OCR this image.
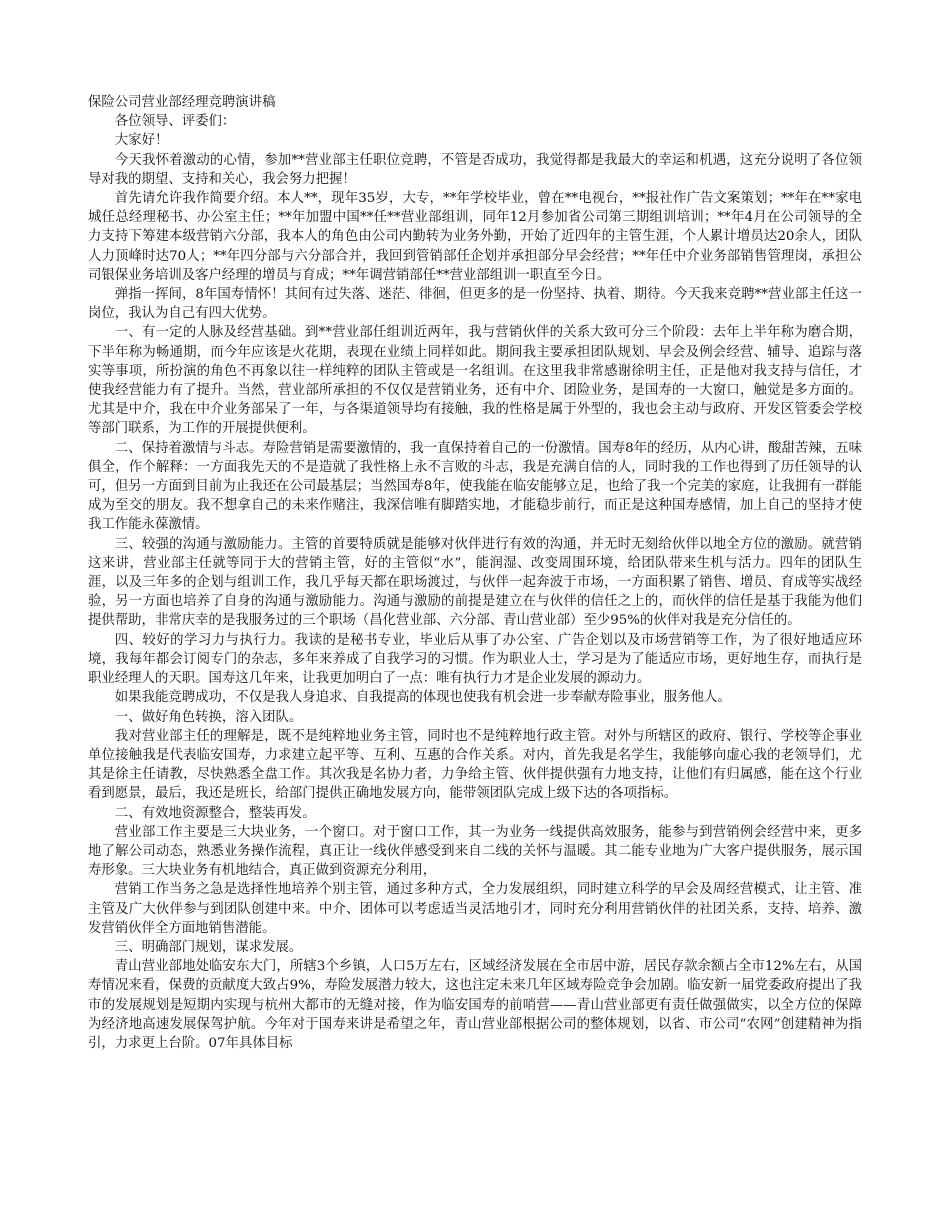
保险公司营业部经理竞聘演讲稿

各位领导、评委们：

大家好！

今天我怀着激动的心情，参加**营业部主任职位竞聘，不管是否成功，我觉得都是我最大的幸运和机遇，这充分说明了各位领导对我的期望、支持和关心，我会努力把握！

首先请允许我作简要介绍。本人**，现年35岁，大专，**年学校毕业，曾在**电视台，**报社作广告文案策划；**年在**家电城任总经理秘书、办公室主任；**年加盟中国**任**营业部组训，同年12月参加省公司第三期组训培训；**年4月在公司领导的全力支持下筹建本级营销六分部，我本人的角色由公司内勤转为业务外勤，开始了近四年的主管生涯，个人累计增员达20余人，团队人力顶峰时达70人；**年四分部与六分部合并，我回到管销部任企划并承担部分早会经营；**年任中介业务部销售管理岗，承担公司银保业务培训及客户经理的增员与育成；**年调营销部任**营业部组训一职直至今日。

弹指一挥间，8年国寿情怀！其间有过失落、迷茫、徘徊，但更多的是一份坚持、执着、期待。今天我来竞聘**营业部主任这一岗位，我认为自己有四大优势。

一、有一定的人脉及经营基础。到**营业部任组训近两年，我与营销伙伴的关系大致可分三个阶段：去年上半年称为磨合期，下半年称为畅通期，而今年应该是火花期，表现在业绩上同样如此。期间我主要承担团队规划、早会及例会经营、辅导、追踪与落实等事项，所扮演的角色不再象以往一样纯粹的团队主管或是一名组训。在这里我非常感谢徐明主任，正是他对我支持与信任，才使我经营能力有了提升。当然，营业部所承担的不仅仅是营销业务，还有中介、团险业务，是国寿的一大窗口，触觉是多方面的。尤其是中介，我在中介业务部呆了一年，与各渠道领导均有接触，我的性格是属于外型的，我也会主动与政府、开发区管委会学校等部门联系，为工作的开展提供便利。

二、保持着激情与斗志。寿险营销是需要激情的，我一直保持着自己的一份激情。国寿8年的经历，从内心讲，酸甜苦辣，五味俱全，作个解释：一方面我先天的不是造就了我性格上永不言败的斗志，我是充满自信的人，同时我的工作也得到了历任领导的认可，但另一方面到目前为止我还在公司最基层；当然国寿8年，使我能在临安能够立足，也给了我一个完美的家庭，让我拥有一群能成为至交的朋友。我不想拿自己的未来作赌注，我深信唯有脚踏实地，才能稳步前行，而正是这种国寿感情，加上自己的坚持才使我工作能永葆激情。

三、较强的沟通与激励能力。主管的首要特质就是能够对伙伴进行有效的沟通，并无时无刻给伙伴以地全方位的激励。就营销这来讲，营业部主任就等同于大的营销主管，好的主管似“水”，能润湿、改变周围环境，给团队带来生机与活力。四年的团队生涯，以及三年多的企划与组训工作，我几乎每天都在职场渡过，与伙伴一起奔波于市场，一方面积累了销售、增员、育成等实战经验，另一方面也培养了自身的沟通与激励能力。沟通与激励的前提是建立在与伙伴的信任之上的，而伙伴的信任是基于我能为他们提供帮助，非常庆幸的是我服务过的三个职场（昌化营业部、六分部、青山营业部）至少95%的伙伴对我是充分信任的。

四、较好的学习力与执行力。我读的是秘书专业，毕业后从事了办公室、广告企划以及市场营销等工作，为了很好地适应环境，我每年都会订阅专门的杂志，多年来养成了自我学习的习惯。作为职业人士，学习是为了能适应市场，更好地生存，而执行是职业经理人的天职。国寿这几年来，让我更加明白了一点：唯有执行力才是企业发展的源动力。

如果我能竞聘成功，不仅是我人身追求、自我提高的体现也使我有机会进一步奉献寿险事业，服务他人。

一、做好角色转换，溶入团队。

我对营业部主任的理解是，既不是纯粹地业务主管，同时也不是纯粹地行政主管。对外与所辖区的政府、银行、学校等企事业单位接触我是代表临安国寿，力求建立起平等、互利、互惠的合作关系。对内，首先我是名学生，我能够向虚心我的老领导们，尤其是徐主任请教，尽快熟悉全盘工作。其次我是名协力者，力争给主管、伙伴提供强有力地支持，让他们有归属感，能在这个行业看到愿景，最后，我还是班长，给部门提供正确地发展方向，能带领团队完成上级下达的各项指标。

二、有效地资源整合，整装再发。

营业部工作主要是三大块业务，一个窗口。对于窗口工作，其一为业务一线提供高效服务，能参与到营销例会经营中来，更多地了解公司动态，熟悉业务操作流程，真正让一线伙伴感受到来自二线的关怀与温暖。其二能专业地为广大客户提供服务，展示国寿形象。三大块业务有机地结合，真正做到资源充分利用，

营销工作当务之急是选择性地培养个别主管，通过多种方式，全力发展组织，同时建立科学的早会及周经营模式，让主管、准主管及广大伙伴参与到团队创建中来。中介、团体可以考虑适当灵活地引才，同时充分利用营销伙伴的社团关系，支持、培养、激发营销伙伴全方面地销售潜能。

三、明确部门规划，谋求发展。

青山营业部地处临安东大门，所辖3个乡镇，人口5万左右，区域经济发展在全市居中游，居民存款余额占全市12%左右，从国寿情况来看，保费的贡献度大致占9%，寿险发展潜力较大，这也注定未来几年区域寿险竞争会加剧。临安新一届党委政府提出了我市的发展规划是短期内实现与杭州大都市的无缝对接，作为临安国寿的前哨营——青山营业部更有责任做强做实，以全方位的保障为经济地高速发展保驾护航。今年对于国寿来讲是希望之年，青山营业部根据公司的整体规划，以省、市公司“农网”创建精神为指引，力求更上台阶。07年具体目标
